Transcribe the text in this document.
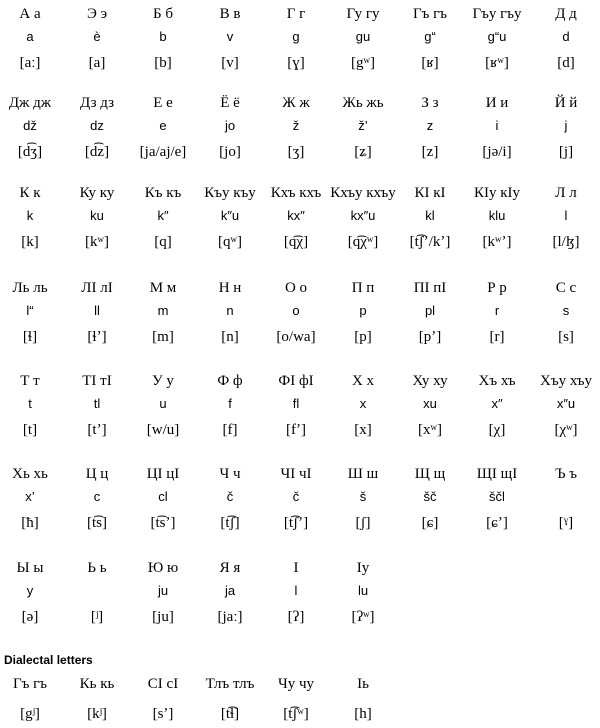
А а
a
[aː]
Э э
è
[a]
Б б
b
[b]
В в
v
[v]
Г г
g
[ɣ]
Гу гу
gu
[gʷ]
Гъ гъ
g“
[ʁ]
Гъу гъу
g“u
[ʁʷ]
Д д
d
[d]
Дж дж
dž
[d͡ʒ]
Дз дз
dz
[d͡z]
Е е
e
[ja/aj/e]
Ё ё
jo
[jo]
Ж ж
ž
[ʒ]
Жь жь
ž’
[ʑ]
З з
z
[z]
И и
i
[jə/i]
Й й
j
[j]
К к
k
[k]
Ку ку
ku
[kʷ]
Къ къ
k″
[q]
Къу къу
k″u
[qʷ]
Кхъ кхъ
kx″
[q͡χ]
Кхъу кхъу
kx″u
[q͡χʷ]
КI кI
kl
[t͡ʃʼ/kʼ]
КIу кIу
klu
[kʷʼ]
Л л
l
[l/ɮ]
Ль ль
l“
[ɬ]
ЛI лI
ll
[ɬʼ]
М м
m
[m]
Н н
n
[n]
О о
o
[o/wa]
П п
p
[p]
ПI пI
pl
[pʼ]
Р р
r
[r]
С с
s
[s]
Т т
t
[t]
ТI тI
tl
[tʼ]
У у
u
[w/u]
Ф ф
f
[f]
ФI фI
fl
[fʼ]
Х х
x
[x]
Ху ху
xu
[xʷ]
Хъ хъ
x″
[χ]
Хъу хъу
x″u
[χʷ]
Хь хь
x’
[ħ]
Ц ц
c
[t͡s]
ЦI цI
cl
[t͡sʼ]
Ч ч
č
[t͡ʃ]
ЧI чI
č
[t͡ʃʼ]
Ш ш
š
[ʃ]
Щ щ
šč
[ɕ]
ЩI щI
ščl
[ɕʼ]
Ъ ъ
[ˠ]
Ы ы
y
[ə]
Ь ь
[ʲ]
Ю ю
ju
[ju]
Я я
ja
[jaː]
I
l
[ʔ]
Iу
lu
[ʔʷ]
Dialectal letters
Гъ гъ
[gʲ]
Кь кь
[kʲ]
СI сI
[sʼ]
Тлъ тлъ
[t͡ɬ]
Чу чу
[t͡ʃʷ]
Iь
[h]
